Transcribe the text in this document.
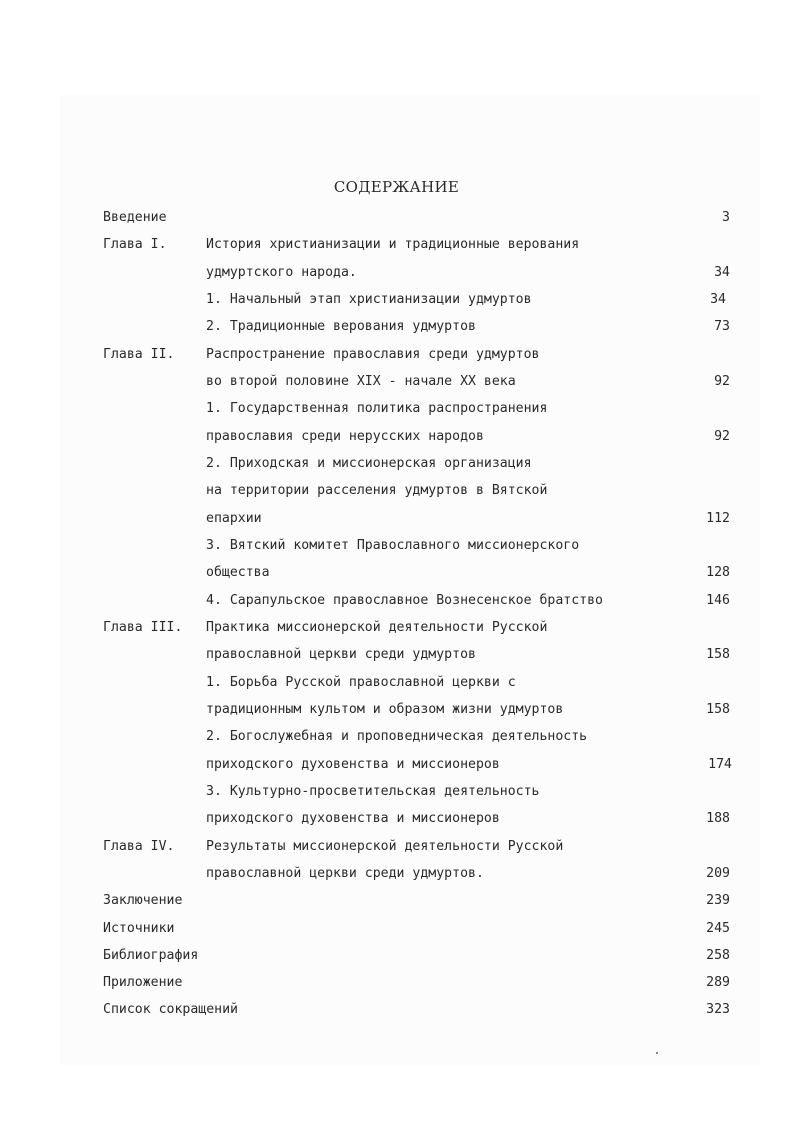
СОДЕРЖАНИЕ
Введение	3
Глава I.	История христианизации и традиционные верования
удмуртского народа.	34
1. Начальный этап христианизации удмуртов	34
2. Традиционные верования удмуртов	73
Глава II. Распространение православия среди удмуртов
во второй половине XIX - начале XX века	92
1. Государственная политика распространения
православия среди нерусских народов	92
2. Приходская и миссионерская организация
на территории расселения удмуртов в Вятской
епархии	112
3. Вятский комитет Православного миссионерского
общества	128
4. Сарапульское православное Вознесенское братство	146
Глава III. Практика миссионерской деятельности Русской
православной церкви среди удмуртов	158
1. Борьба Русской православной церкви с
традиционным культом и образом жизни удмуртов	158
2. Богослужебная и проповедническая деятельность
приходского духовенства и миссионеров	174
3. Культурно-просветительская деятельность
приходского духовенства и миссионеров	188
Глава IV. Результаты миссионерской деятельности Русской
православной церкви среди удмуртов.	209
Заключение	239
Источники	245
Библиография	258
Приложение	289
Список сокращений	323
